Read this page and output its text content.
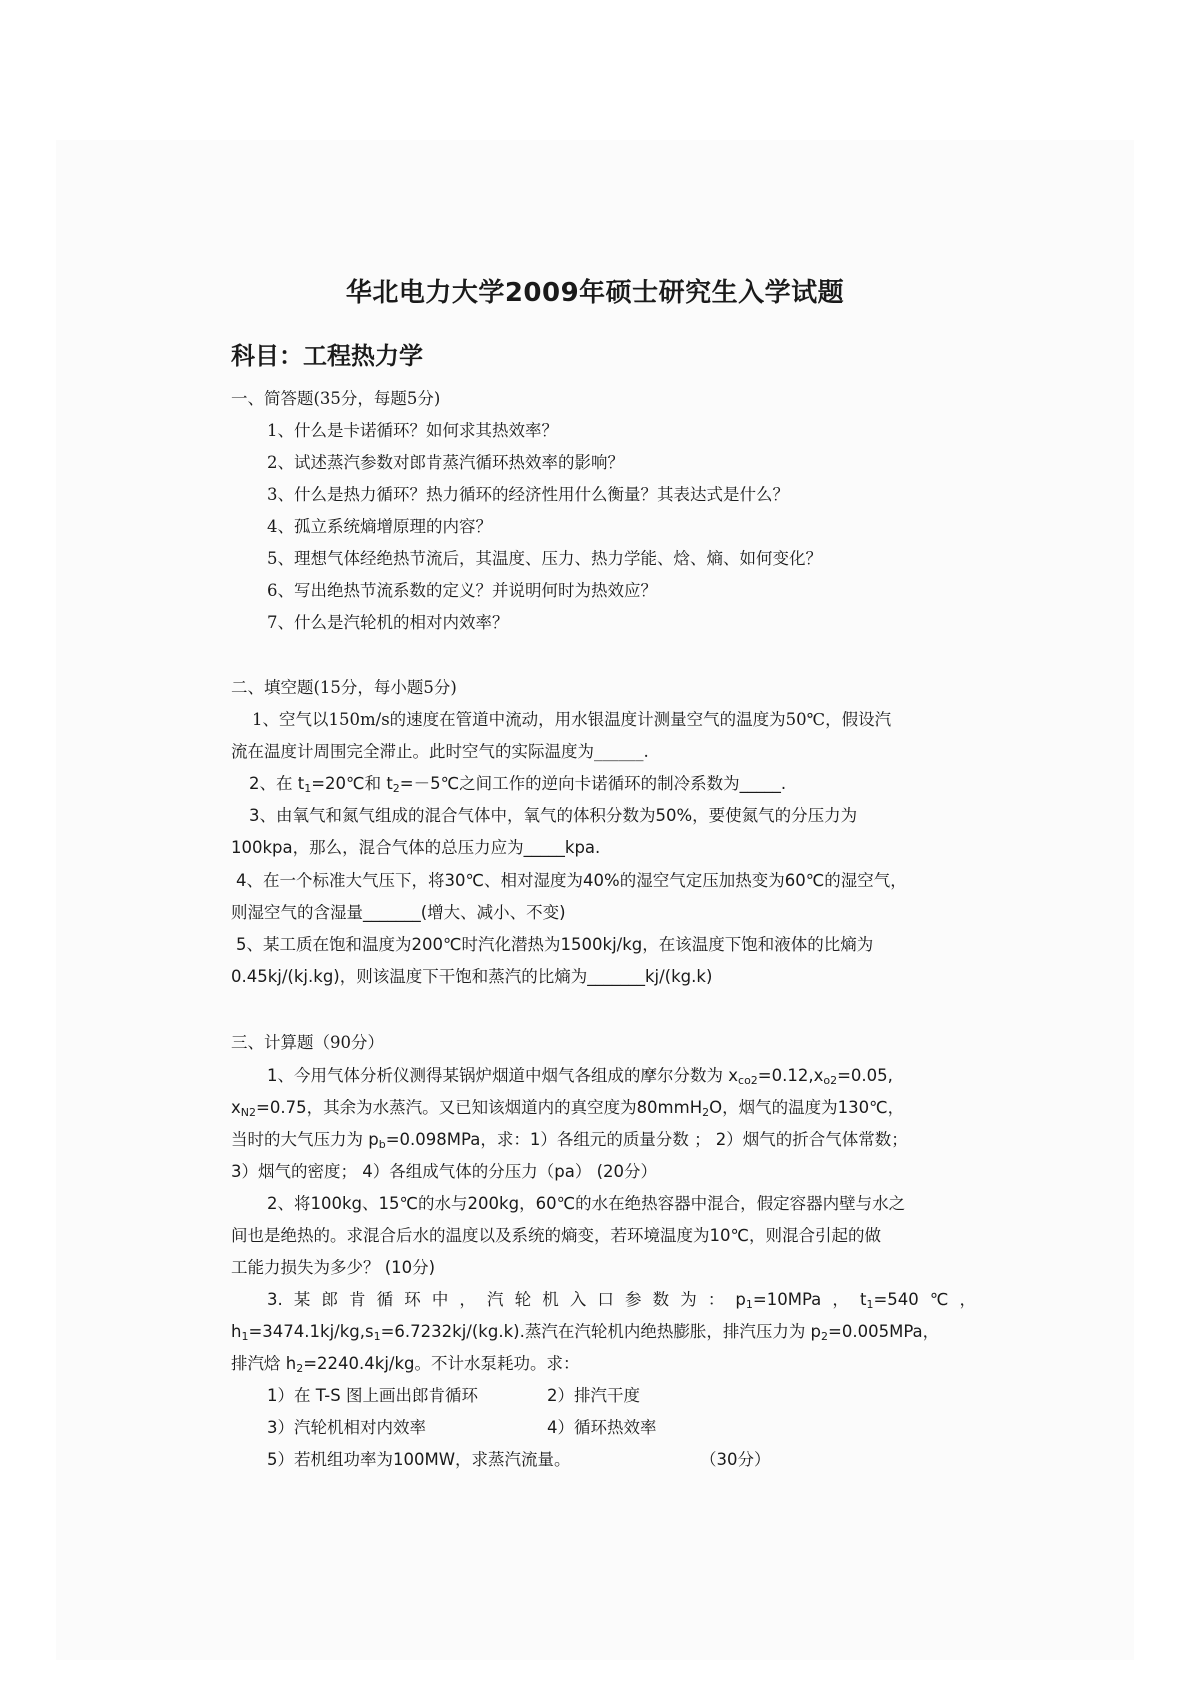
华北电力大学2009年硕士研究生入学试题
科目：工程热力学
一、简答题(35分，每题5分)
1、什么是卡诺循环？如何求其热效率？
2、试述蒸汽参数对郎肯蒸汽循环热效率的影响？
3、什么是热力循环？热力循环的经济性用什么衡量？其表达式是什么？
4、孤立系统熵增原理的内容？
5、理想气体经绝热节流后，其温度、压力、热力学能、焓、熵、如何变化？
6、写出绝热节流系数的定义？并说明何时为热效应？
7、什么是汽轮机的相对内效率？
二、填空题(15分，每小题5分)
1、空气以150m/s的速度在管道中流动，用水银温度计测量空气的温度为50℃，假设汽
流在温度计周围完全滞止。此时空气的实际温度为______.
2、在 $t_1=20℃$和 $t_2=-5℃$之间工作的逆向卡诺循环的制冷系数为_____.
3、由氧气和氮气组成的混合气体中，氧气的体积分数为50%，要使氮气的分压力为
100kpa，那么，混合气体的总压力应为_____kpa.
4、在一个标准大气压下，将30℃、相对湿度为40%的湿空气定压加热变为60℃的湿空气，
则湿空气的含湿量_______(增大、减小、不变)
5、某工质在饱和温度为200℃时汽化潜热为1500kj/kg，在该温度下饱和液体的比熵为
0.45kj/(kj.kg)，则该温度下干饱和蒸汽的比熵为_______kj/(kg.k)
三、计算题（90分）
1、今用气体分析仪测得某锅炉烟道中烟气各组成的摩尔分数为 $x_{co2}=0.12,x_{o2}=0.05$,
$x_{N2}=0.75$，其余为水蒸汽。又已知该烟道内的真空度为80mmH$_2$O，烟气的温度为130℃，
当时的大气压力为 $p_b=0.098MPa$，求：1）各组元的质量分数 ； 2）烟气的折合气体常数；
3）烟气的密度； 4）各组成气体的分压力（pa） (20分）
2、将100kg、15℃的水与200kg，60℃的水在绝热容器中混合，假定容器内壁与水之
间也是绝热的。求混合后水的温度以及系统的熵变，若环境温度为10℃，则混合引起的做
工能力损失为多少？ (10分)
3.某郎肯循环中，汽轮机入口参数为：$p_1=10MPa$，$t_1=540℃$，
$h_1=3474.1kj/kg,s_1=6.7232kj/(kg.k)$.蒸汽在汽轮机内绝热膨胀，排汽压力为 $p_2=0.005MPa$，
排汽焓 $h_2=2240.4kj/kg$。不计水泵耗功。求：
1）在 T-S 图上画出郎肯循环	2）排汽干度
3）汽轮机相对内效率	4）循环热效率
5）若机组功率为100MW，求蒸汽流量。	（30分）
